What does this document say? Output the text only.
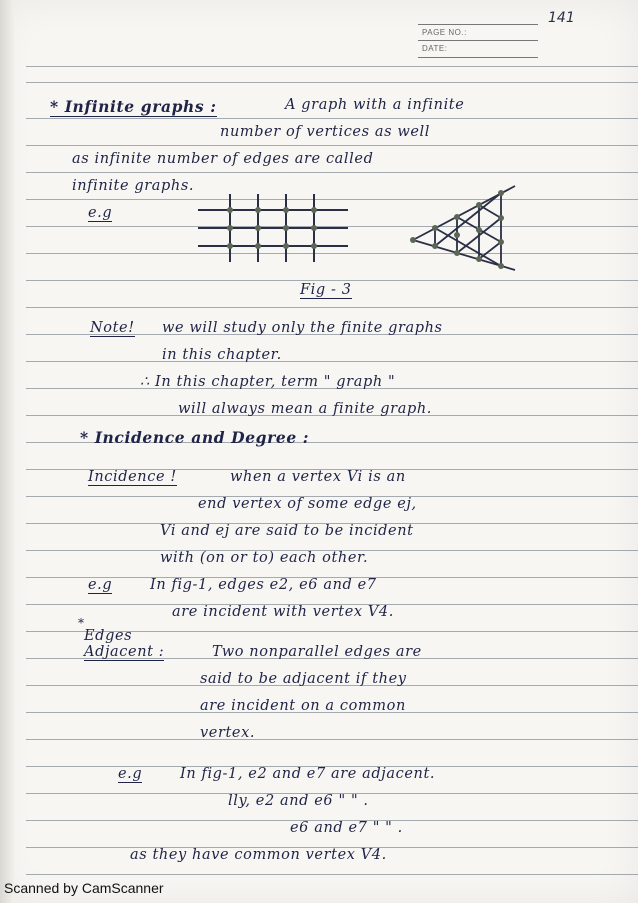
PAGE NO.:
DATE:
141
* Infinite graphs :	A graph with a infinite
number of vertices as well
as infinite number of edges are called
infinite graphs.
e.g
Fig - 3
Note! we will study only the finite graphs
in this chapter.
∴ In this chapter, term " graph "
will always mean a finite graph.
* Incidence and Degree :
Incidence !	when a vertex Vi is an
end vertex of some edge ej,
Vi and ej are said to be incident
with (on or to) each other.
e.g	In fig-1, edges e2, e6 and e7
are incident with vertex V4.
*
Edges
Adjacent :	Two nonparallel edges are
said to be adjacent if they
are incident on a common
vertex.
e.g	In fig-1, e2 and e7 are adjacent.
lly, e2 and e6 " " .
e6 and e7 " " .
as they have common vertex V4.
Scanned by CamScanner
